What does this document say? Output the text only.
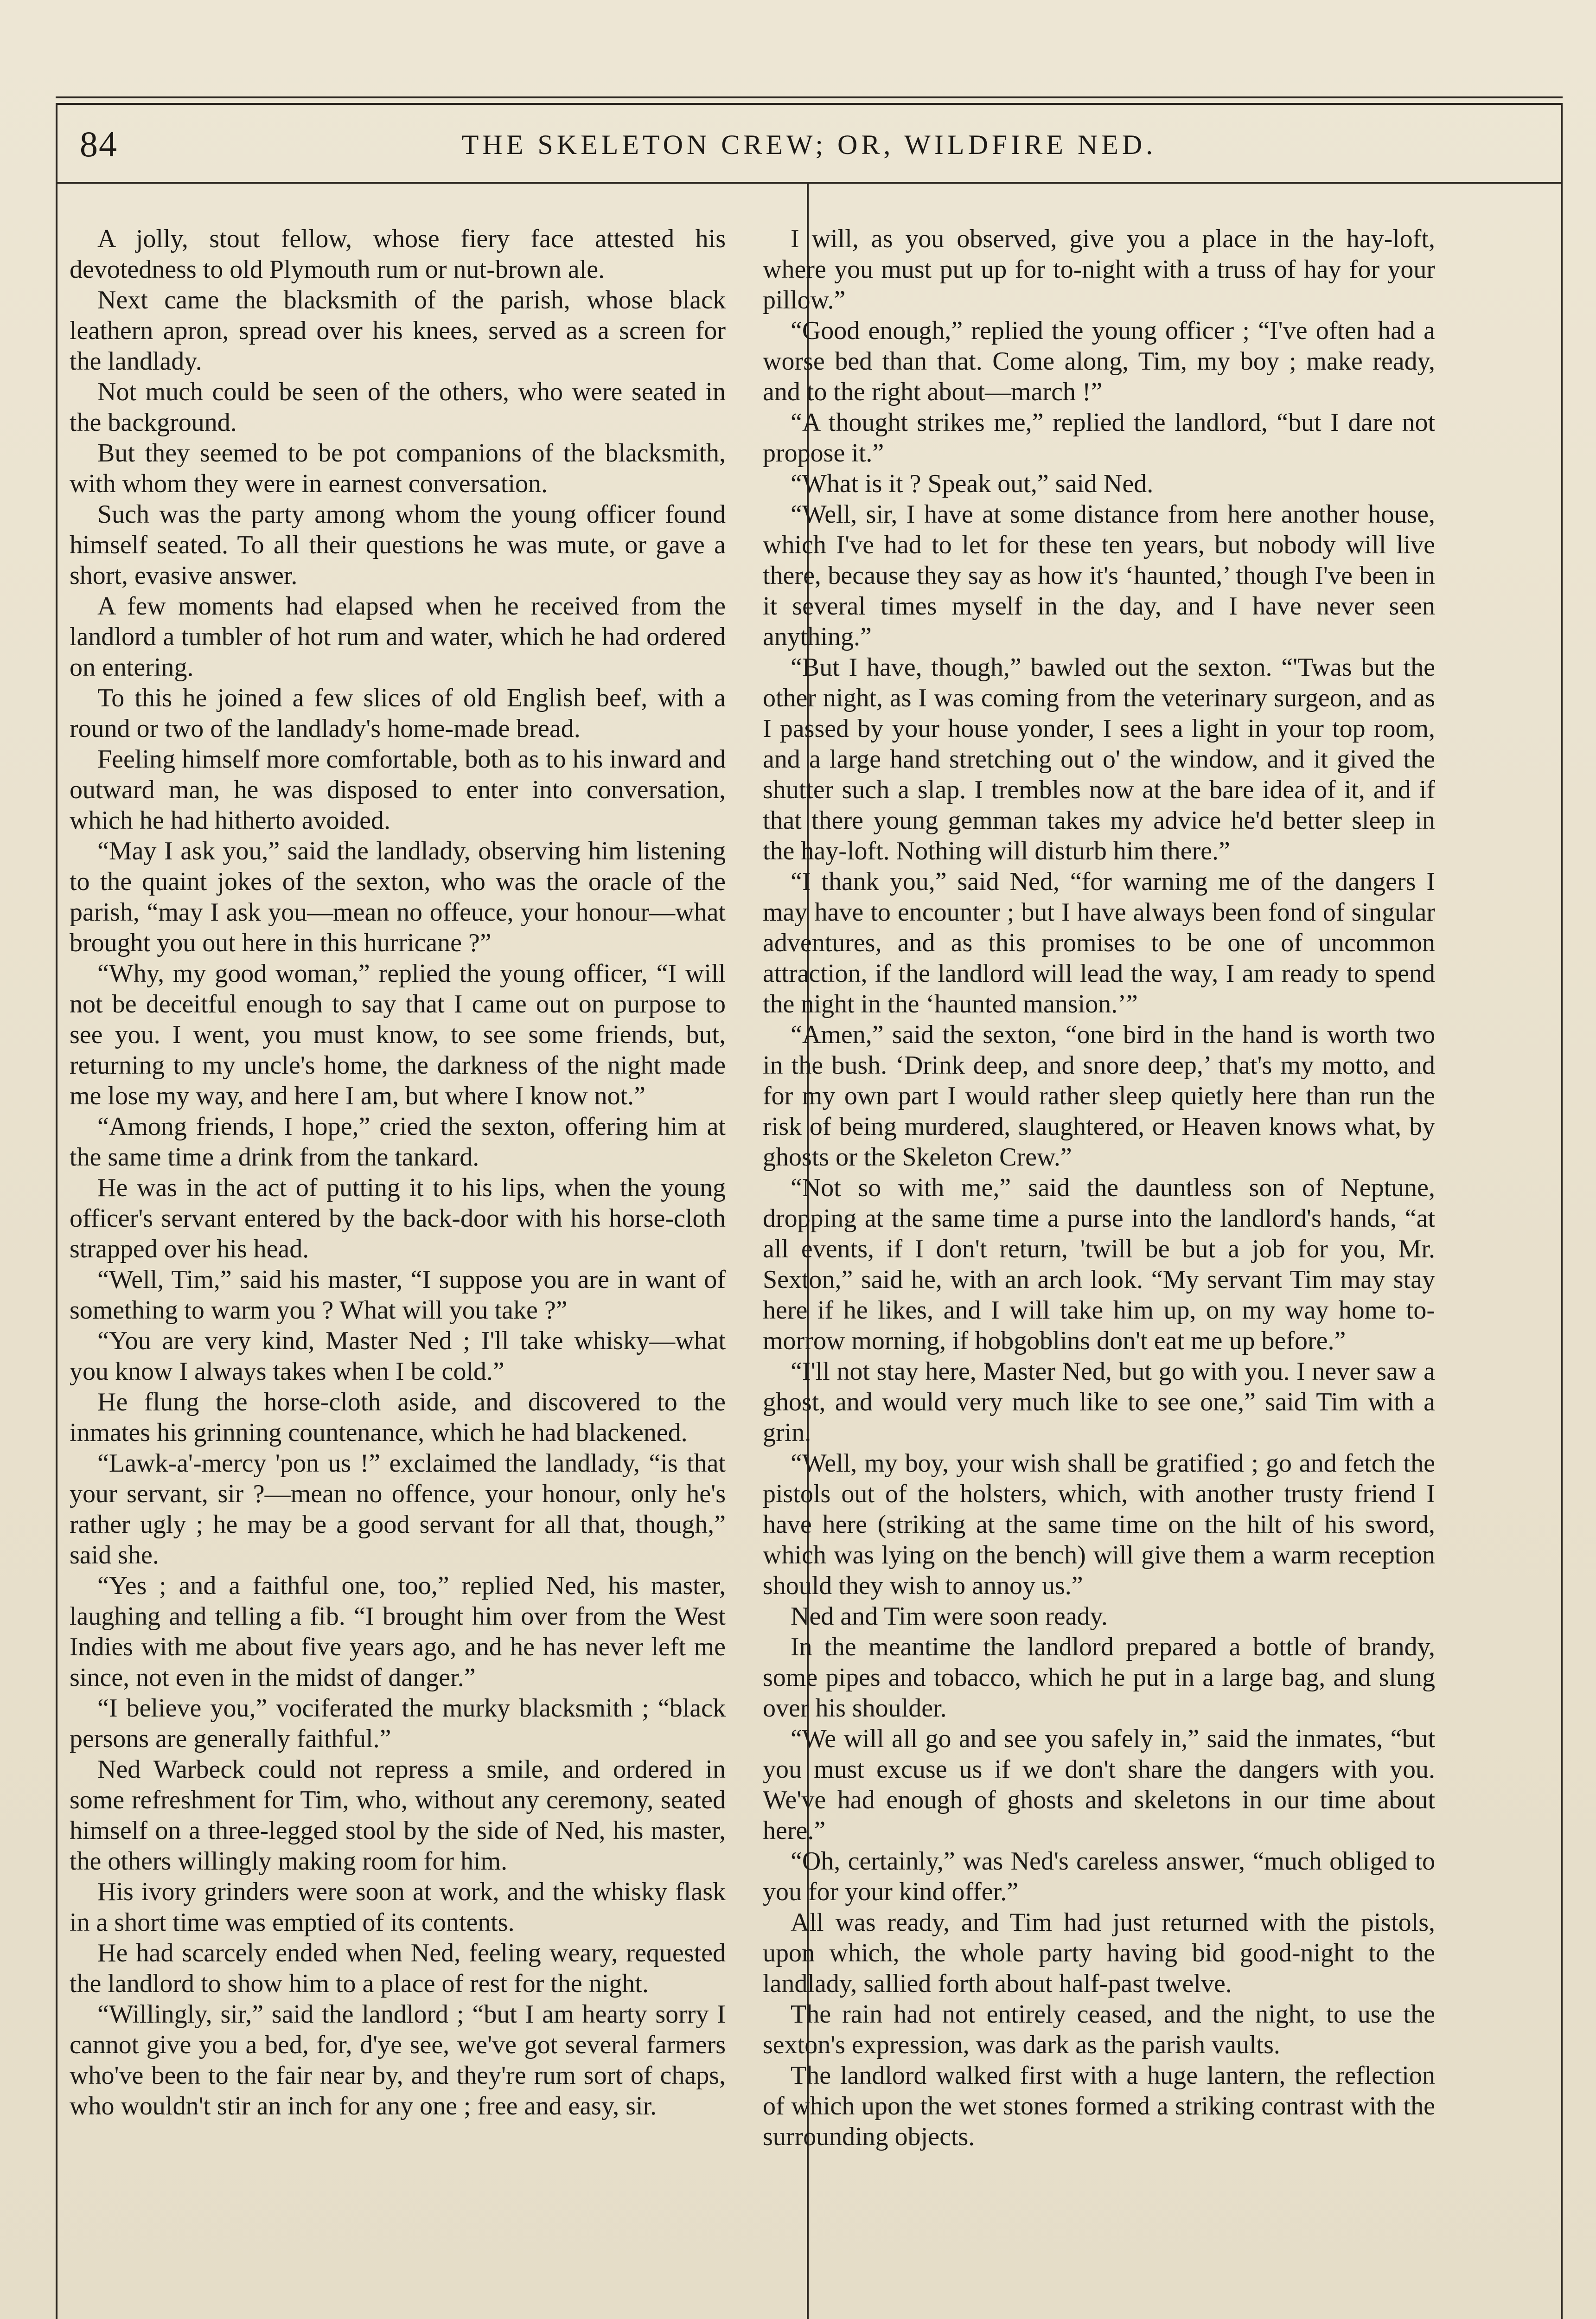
84	THE SKELETON CREW; OR, WILDFIRE NED.

A jolly, stout fellow, whose fiery face attested his devotedness to old Plymouth rum or nut-brown ale.

Next came the blacksmith of the parish, whose black leathern apron, spread over his knees, served as a screen for the landlady.

Not much could be seen of the others, who were seated in the background.

But they seemed to be pot companions of the blacksmith, with whom they were in earnest conversation.

Such was the party among whom the young officer found himself seated. To all their questions he was mute, or gave a short, evasive answer.

A few moments had elapsed when he received from the landlord a tumbler of hot rum and water, which he had ordered on entering.

To this he joined a few slices of old English beef, with a round or two of the landlady's home-made bread.

Feeling himself more comfortable, both as to his inward and outward man, he was disposed to enter into conversation, which he had hitherto avoided.

“May I ask you,” said the landlady, observing him listening to the quaint jokes of the sexton, who was the oracle of the parish, “may I ask you—mean no offeuce, your honour—what brought you out here in this hurricane ?”

“Why, my good woman,” replied the young officer, “I will not be deceitful enough to say that I came out on purpose to see you. I went, you must know, to see some friends, but, returning to my uncle's home, the darkness of the night made me lose my way, and here I am, but where I know not.”

“Among friends, I hope,” cried the sexton, offering him at the same time a drink from the tankard.

He was in the act of putting it to his lips, when the young officer's servant entered by the back-door with his horse-cloth strapped over his head.

“Well, Tim,” said his master, “I suppose you are in want of something to warm you ? What will you take ?”

“You are very kind, Master Ned ; I'll take whisky—what you know I always takes when I be cold.”

He flung the horse-cloth aside, and discovered to the inmates his grinning countenance, which he had blackened.

“Lawk-a'-mercy 'pon us !” exclaimed the landlady, “is that your servant, sir ?—mean no offence, your honour, only he's rather ugly ; he may be a good servant for all that, though,” said she.

“Yes ; and a faithful one, too,” replied Ned, his master, laughing and telling a fib. “I brought him over from the West Indies with me about five years ago, and he has never left me since, not even in the midst of danger.”

“I believe you,” vociferated the murky blacksmith ; “black persons are generally faithful.”

Ned Warbeck could not repress a smile, and ordered in some refreshment for Tim, who, without any ceremony, seated himself on a three-legged stool by the side of Ned, his master, the others willingly making room for him.

His ivory grinders were soon at work, and the whisky flask in a short time was emptied of its contents.

He had scarcely ended when Ned, feeling weary, requested the landlord to show him to a place of rest for the night.

“Willingly, sir,” said the landlord ; “but I am hearty sorry I cannot give you a bed, for, d'ye see, we've got several farmers who've been to the fair near by, and they're rum sort of chaps, who wouldn't stir an inch for any one ; free and easy, sir.

I will, as you observed, give you a place in the hay-loft, where you must put up for to-night with a truss of hay for your pillow.”

“Good enough,” replied the young officer ; “I've often had a worse bed than that. Come along, Tim, my boy ; make ready, and to the right about—march !”

“A thought strikes me,” replied the landlord, “but I dare not propose it.”

“What is it ? Speak out,” said Ned.

“Well, sir, I have at some distance from here another house, which I've had to let for these ten years, but nobody will live there, because they say as how it's ‘haunted,’ though I've been in it several times myself in the day, and I have never seen anything.”

“But I have, though,” bawled out the sexton. “'Twas but the other night, as I was coming from the veterinary surgeon, and as I passed by your house yonder, I sees a light in your top room, and a large hand stretching out o' the window, and it gived the shutter such a slap. I trembles now at the bare idea of it, and if that there young gemman takes my advice he'd better sleep in the hay-loft. Nothing will disturb him there.”

“I thank you,” said Ned, “for warning me of the dangers I may have to encounter ; but I have always been fond of singular adventures, and as this promises to be one of uncommon attraction, if the landlord will lead the way, I am ready to spend the night in the ‘haunted mansion.’”

“Amen,” said the sexton, “one bird in the hand is worth two in the bush. ‘Drink deep, and snore deep,’ that's my motto, and for my own part I would rather sleep quietly here than run the risk of being murdered, slaughtered, or Heaven knows what, by ghosts or the Skeleton Crew.”

“Not so with me,” said the dauntless son of Neptune, dropping at the same time a purse into the landlord's hands, “at all events, if I don't return, 'twill be but a job for you, Mr. Sexton,” said he, with an arch look. “My servant Tim may stay here if he likes, and I will take him up, on my way home to-morrow morning, if hobgoblins don't eat me up before.”

“I'll not stay here, Master Ned, but go with you. I never saw a ghost, and would very much like to see one,” said Tim with a grin.

“Well, my boy, your wish shall be gratified ; go and fetch the pistols out of the holsters, which, with another trusty friend I have here (striking at the same time on the hilt of his sword, which was lying on the bench) will give them a warm reception should they wish to annoy us.”

Ned and Tim were soon ready.

In the meantime the landlord prepared a bottle of brandy, some pipes and tobacco, which he put in a large bag, and slung over his shoulder.

“We will all go and see you safely in,” said the inmates, “but you must excuse us if we don't share the dangers with you. We've had enough of ghosts and skeletons in our time about here.”

“Oh, certainly,” was Ned's careless answer, “much obliged to you for your kind offer.”

All was ready, and Tim had just returned with the pistols, upon which, the whole party having bid good-night to the landlady, sallied forth about half-past twelve.

The rain had not entirely ceased, and the night, to use the sexton's expression, was dark as the parish vaults.

The landlord walked first with a huge lantern, the reflection of which upon the wet stones formed a striking contrast with the surrounding objects.
